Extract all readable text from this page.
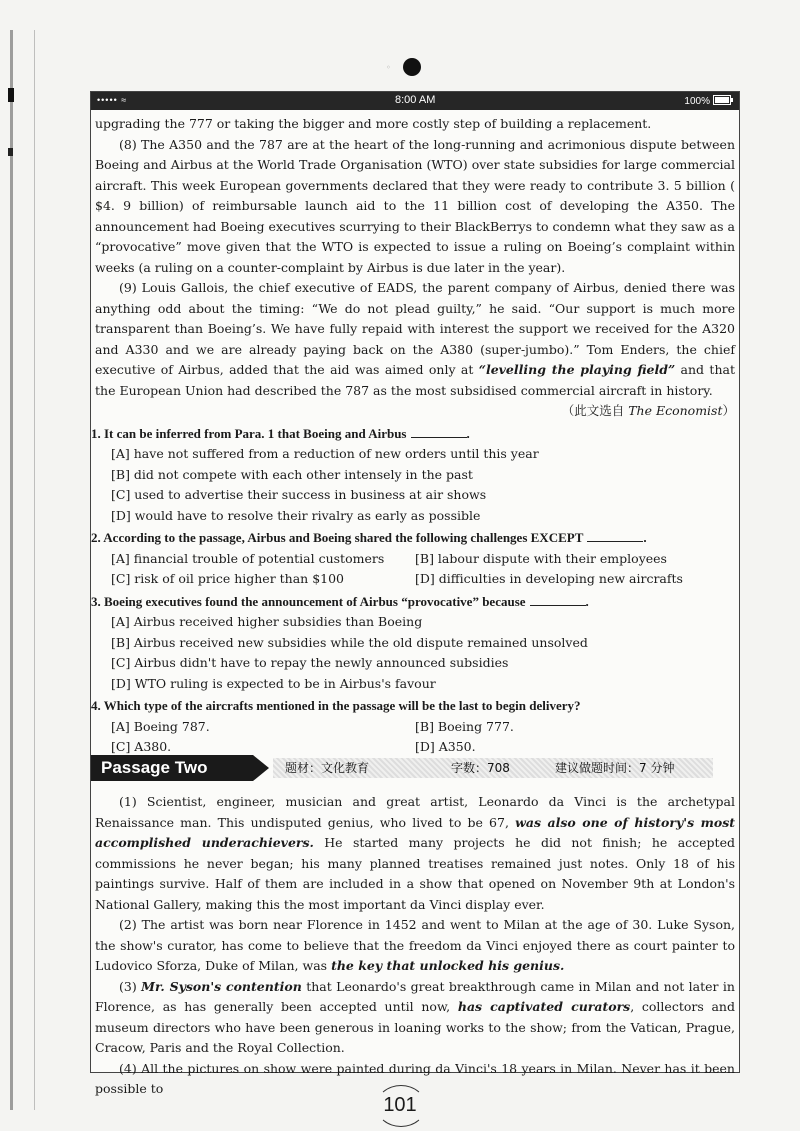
◦
••••• ≈	8:00 AM	100%

upgrading the 777 or taking the bigger and more costly step of building a replacement.

(8) The A350 and the 787 are at the heart of the long-running and acrimonious dispute between Boeing and Airbus at the World Trade Organisation (WTO) over state subsidies for large commercial aircraft. This week European governments declared that they were ready to contribute 3. 5 billion ( $4. 9 billion) of reimbursable launch aid to the 11 billion cost of developing the A350. The announcement had Boeing executives scurrying to their BlackBerrys to condemn what they saw as a “provocative” move given that the WTO is expected to issue a ruling on Boeing’s complaint within weeks (a ruling on a counter-complaint by Airbus is due later in the year).

(9) Louis Gallois, the chief executive of EADS, the parent company of Airbus, denied there was anything odd about the timing: “We do not plead guilty,” he said. “Our support is much more transparent than Boeing’s. We have fully repaid with interest the support we received for the A320 and A330 and we are already paying back on the A380 (super-jumbo).” Tom Enders, the chief executive of Airbus, added that the aid was aimed only at “levelling the playing field” and that the European Union had described the 787 as the most subsidised commercial aircraft in history.

（此文选自 The Economist）

1. It can be inferred from Para. 1 that Boeing and Airbus	.
[A] have not suffered from a reduction of new orders until this year
[B] did not compete with each other intensely in the past
[C] used to advertise their success in business at air shows
[D] would have to resolve their rivalry as early as possible
2. According to the passage, Airbus and Boeing shared the following challenges EXCEPT	.
[A] financial trouble of potential customers	[B] labour dispute with their employees
[C] risk of oil price higher than $100	[D] difficulties in developing new aircrafts
3. Boeing executives found the announcement of Airbus “provocative” because	.
[A] Airbus received higher subsidies than Boeing
[B] Airbus received new subsidies while the old dispute remained unsolved
[C] Airbus didn't have to repay the newly announced subsidies
[D] WTO ruling is expected to be in Airbus's favour
4. Which type of the aircrafts mentioned in the passage will be the last to begin delivery?
[A] Boeing 787.	[B] Boeing 777.
[C] A380.	[D] A350.
Passage Two	题材：文化教育	字数：708	建议做题时间：7 分钟

(1) Scientist, engineer, musician and great artist, Leonardo da Vinci is the archetypal Renaissance man. This undisputed genius, who lived to be 67, was also one of history's most accomplished underachievers. He started many projects he did not finish; he accepted commissions he never began; his many planned treatises remained just notes. Only 18 of his paintings survive. Half of them are included in a show that opened on November 9th at London's National Gallery, making this the most important da Vinci display ever.

(2) The artist was born near Florence in 1452 and went to Milan at the age of 30. Luke Syson, the show's curator, has come to believe that the freedom da Vinci enjoyed there as court painter to Ludovico Sforza, Duke of Milan, was the key that unlocked his genius.

(3) Mr. Syson's contention that Leonardo's great breakthrough came in Milan and not later in Florence, as has generally been accepted until now, has captivated curators, collectors and museum directors who have been generous in loaning works to the show; from the Vatican, Prague, Cracow, Paris and the Royal Collection.

(4) All the pictures on show were painted during da Vinci's 18 years in Milan. Never has it been possible to

101
